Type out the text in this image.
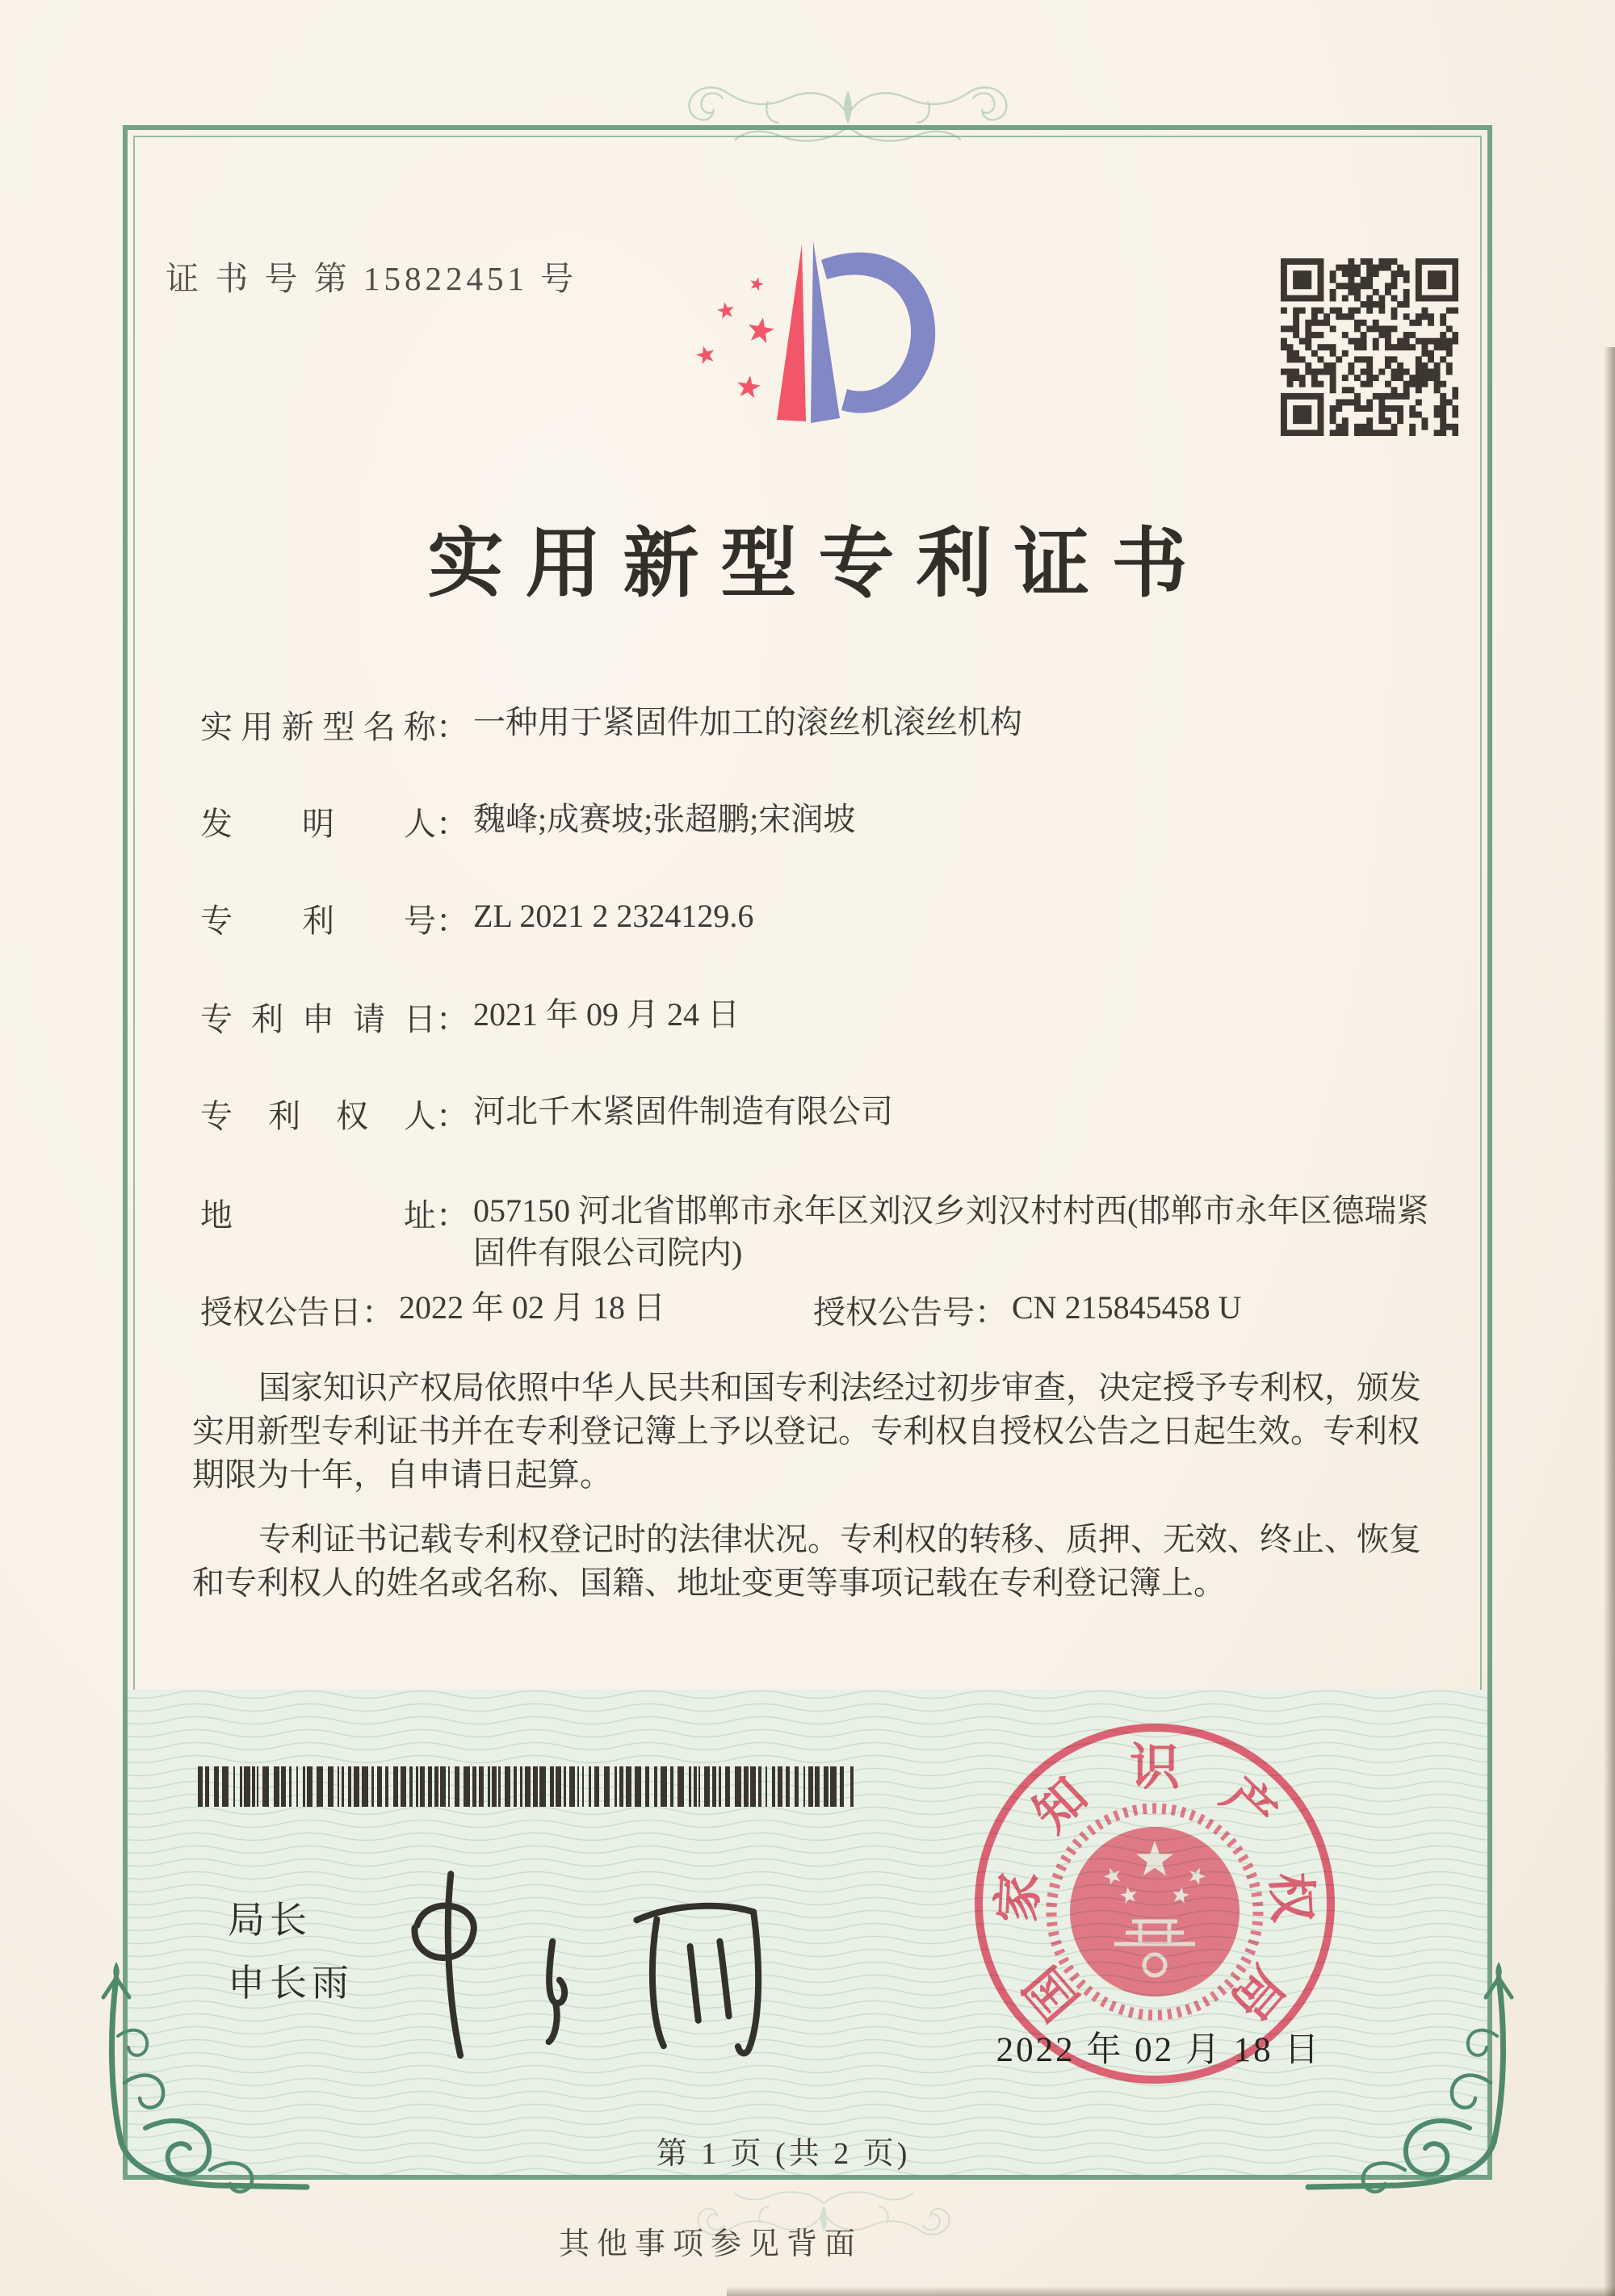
证 书 号 第 15822451 号
实用新型专利证书
实用新型名称 ： 一种用于紧固件加工的滚丝机滚丝机构
发明人 ： 魏峰;成赛坡;张超鹏;宋润坡
专利号 ： ZL 2021 2 2324129.6
专利申请日 ： 2021 年 09 月 24 日
专利权人 ： 河北千木紧固件制造有限公司
地址 ： 057150 河北省邯郸市永年区刘汉乡刘汉村村西(邯郸市永年区德瑞紧固件有限公司院内)
授权公告日 ： 2022 年 02 月 18 日	授权公告号 ： CN 215845458 U

国家知识产权局依照中华人民共和国专利法经过初步审查，决定授予专利权，颁发实用新型专利证书并在专利登记簿上予以登记。专利权自授权公告之日起生效。专利权期限为十年，自申请日起算。

专利证书记载专利权登记时的法律状况。专利权的转移、质押、无效、终止、恢复和专利权人的姓名或名称、国籍、地址变更等事项记载在专利登记簿上。

局长
申长雨	国
家
知
识
产
权
局
2022 年 02 月 18 日
第 1 页 (共 2 页)
其他事项参见背面
